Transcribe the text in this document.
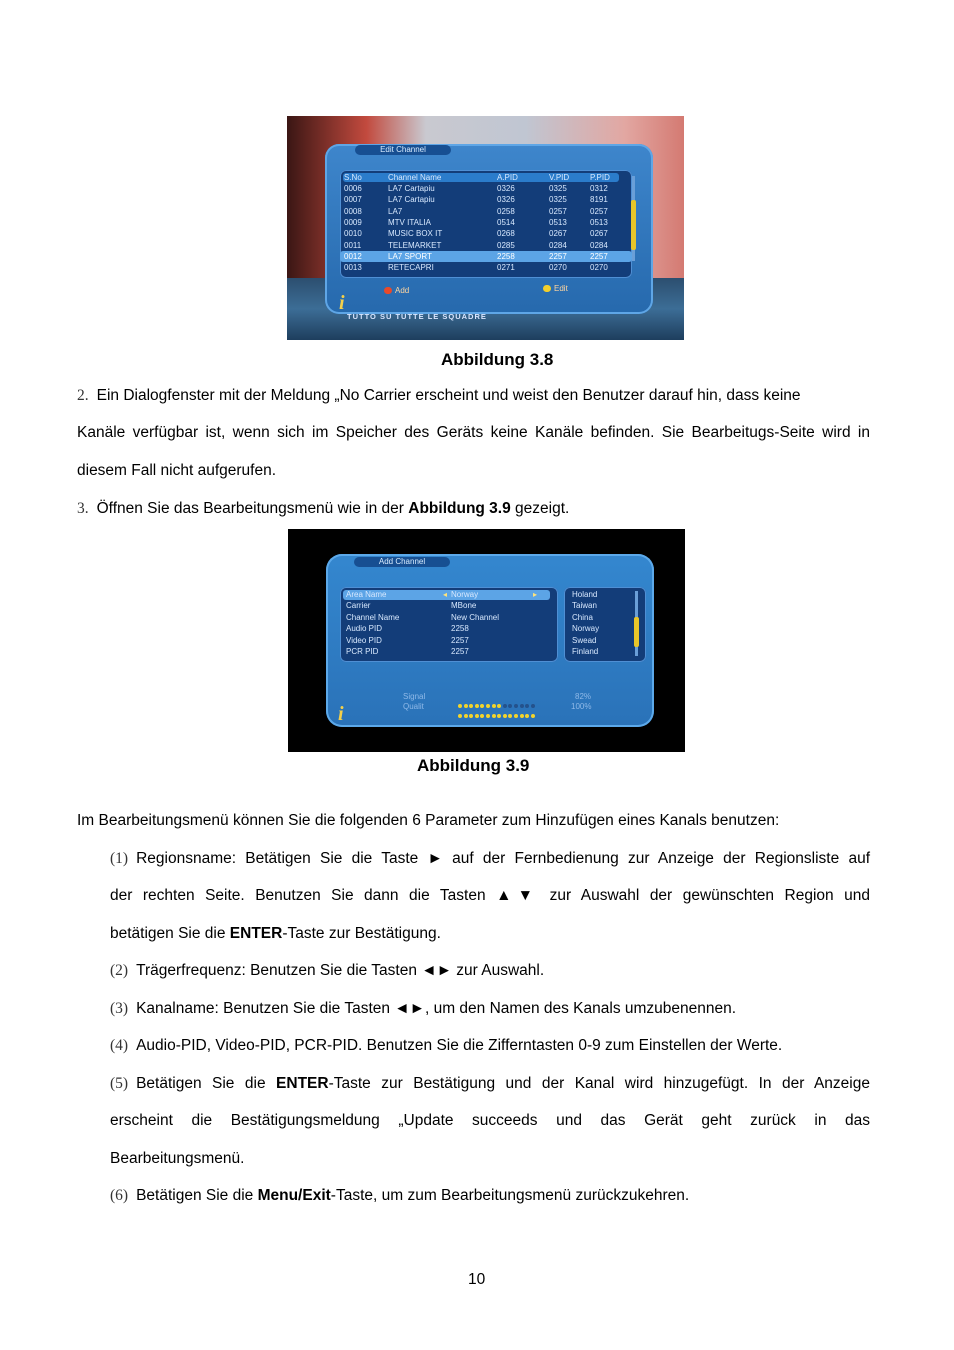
Edit Channel
S.No	Channel Name	A.PID	V.PID	P.PID
0006	LA7 Cartapiu	0326	0325	0312
0007	LA7 Cartapiu	0326	0325	8191
0008	LA7	0258	0257	0257
0009	MTV ITALIA	0514	0513	0513
0010	MUSIC BOX IT	0268	0267	0267
0011	TELEMARKET	0285	0284	0284
0012	LA7 SPORT	2258	2257	2257
0013	RETECAPRI	0271	0270	0270
Add	Edit
i
TUTTO SU TUTTE LE SQUADRE
Abbildung 3.8
2. Ein Dialogfenster mit der Meldung „No Carrier erscheint und weist den Benutzer darauf hin, dass keine
Kanäle verfügbar ist, wenn sich im Speicher des Geräts keine Kanäle befinden. Sie Bearbeitugs-Seite wird in
diesem Fall nicht aufgerufen.
3. Öffnen Sie das Bearbeitungsmenü wie in der Abbildung 3.9 gezeigt.
Add Channel
Area Name	Norway
Carrier	MBone
Channel Name	New Channel
Audio PID	2258
Video PID	2257
PCR PID	2257
◂	▸	Holand
Taiwan
China
Norway
Swead
Finland
Signal
Qualit
82%
100%
i
Abbildung 3.9
Im Bearbeitungsmenü können Sie die folgenden 6 Parameter zum Hinzufügen eines Kanals benutzen:
(1) Regionsname: Betätigen Sie die Taste ► auf der Fernbedienung zur Anzeige der Regionsliste auf
der rechten Seite. Benutzen Sie dann die Tasten ▲▼ zur Auswahl der gewünschten Region und
betätigen Sie die ENTER-Taste zur Bestätigung.
(2) Trägerfrequenz: Benutzen Sie die Tasten ◄► zur Auswahl.
(3) Kanalname: Benutzen Sie die Tasten ◄►, um den Namen des Kanals umzubenennen.
(4) Audio-PID, Video-PID, PCR-PID. Benutzen Sie die Zifferntasten 0-9 zum Einstellen der Werte.
(5) Betätigen Sie die ENTER-Taste zur Bestätigung und der Kanal wird hinzugefügt. In der Anzeige
erscheint die Bestätigungsmeldung „Update succeeds und das Gerät geht zurück in das
Bearbeitungsmenü.
(6) Betätigen Sie die Menu/Exit-Taste, um zum Bearbeitungsmenü zurückzukehren.
10
